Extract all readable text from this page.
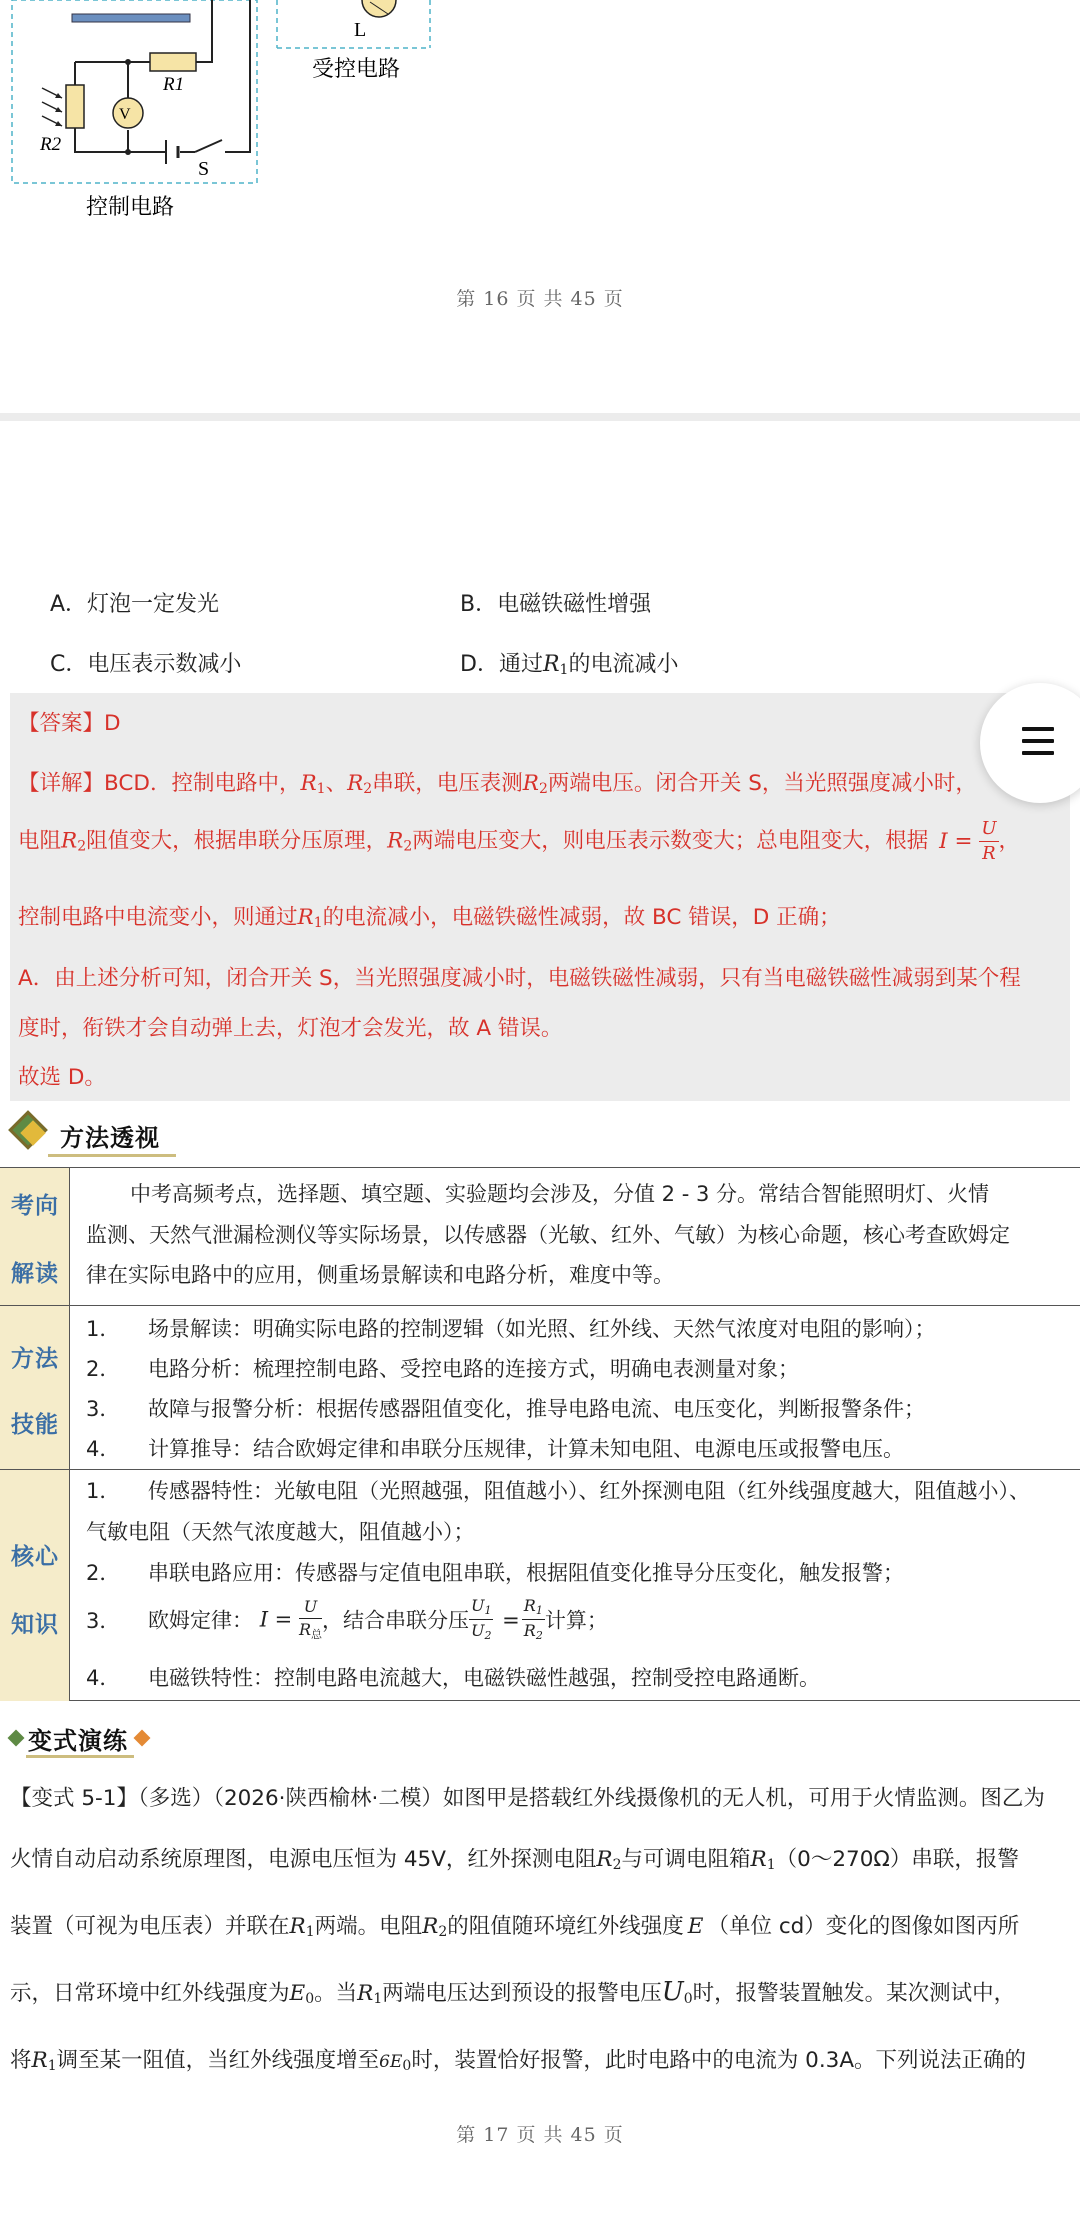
V
R1
R2
S
L
控制电路
受控电路
第 16 页 共 45 页
A．灯泡一定发光	B．电磁铁磁性增强
C．电压表示数减小	D．通过$R_1$的电流减小
【答案】D
【详解】BCD．控制电路中，$R_1$、$R_2$串联，电压表测$R_2$两端电压。闭合开关 S，当光照强度减小时，
电阻$R_2$阻值变大，根据串联分压原理，$R_2$两端电压变大，则电压表示数变大；总电阻变大，根据 $I = \frac{U}{R}$ ，
控制电路中电流变小，则通过$R_1$的电流减小，电磁铁磁性减弱，故 BC 错误，D 正确；
A．由上述分析可知，闭合开关 S，当光照强度减小时，电磁铁磁性减弱，只有当电磁铁磁性减弱到某个程
度时，衔铁才会自动弹上去，灯泡才会发光，故 A 错误。
故选 D。
方法透视
考向
解读
中考高频考点，选择题、填空题、实验题均会涉及，分值 2 - 3 分。常结合智能照明灯、火情
监测、天然气泄漏检测仪等实际场景，以传感器（光敏、红外、气敏）为核心命题，核心考查欧姆定
律在实际电路中的应用，侧重场景解读和电路分析，难度中等。
方法
技能
1． 场景解读：明确实际电路的控制逻辑（如光照、红外线、天然气浓度对电阻的影响）；
2． 电路分析：梳理控制电路、受控电路的连接方式，明确电表测量对象；
3． 故障与报警分析：根据传感器阻值变化，推导电路电流、电压变化，判断报警条件；
4． 计算推导：结合欧姆定律和串联分压规律，计算未知电阻、电源电压或报警电压。
核心
知识
1． 传感器特性：光敏电阻（光照越强，阻值越小）、红外探测电阻（红外线强度越大，阻值越小）、
气敏电阻（天然气浓度越大，阻值越小）；
2． 串联电路应用：传感器与定值电阻串联，根据阻值变化推导分压变化，触发报警；
3． 欧姆定律： $I = \frac{U}{R_总}$ ，结合串联分压 $\frac{U_1}{U_2} = \frac{R_1}{R_2}$ 计算；
4． 电磁铁特性：控制电路电流越大，电磁铁磁性越强，控制受控电路通断。
变式演练
【变式 5-1】（多选）（2026·陕西榆林·二模）如图甲是搭载红外线摄像机的无人机，可用于火情监测。图乙为
火情自动启动系统原理图，电源电压恒为 45V，红外探测电阻$R_2$与可调电阻箱$R_1(0\sim 270\Omega)$串联，报警
装置（可视为电压表）并联在$R_1$两端。电阻$R_2$的阻值随环境红外线强度 E （单位 cd）变化的图像如图丙所
示，日常环境中红外线强度为$E_0$。当$R_1$两端电压达到预设的报警电压$U_0$时，报警装置触发。某次测试中，
将$R_1$调至某一阻值，当红外线强度增至$6E_0$时，装置恰好报警，此时电路中的电流为 0.3A。下列说法正确的
第 17 页 共 45 页
